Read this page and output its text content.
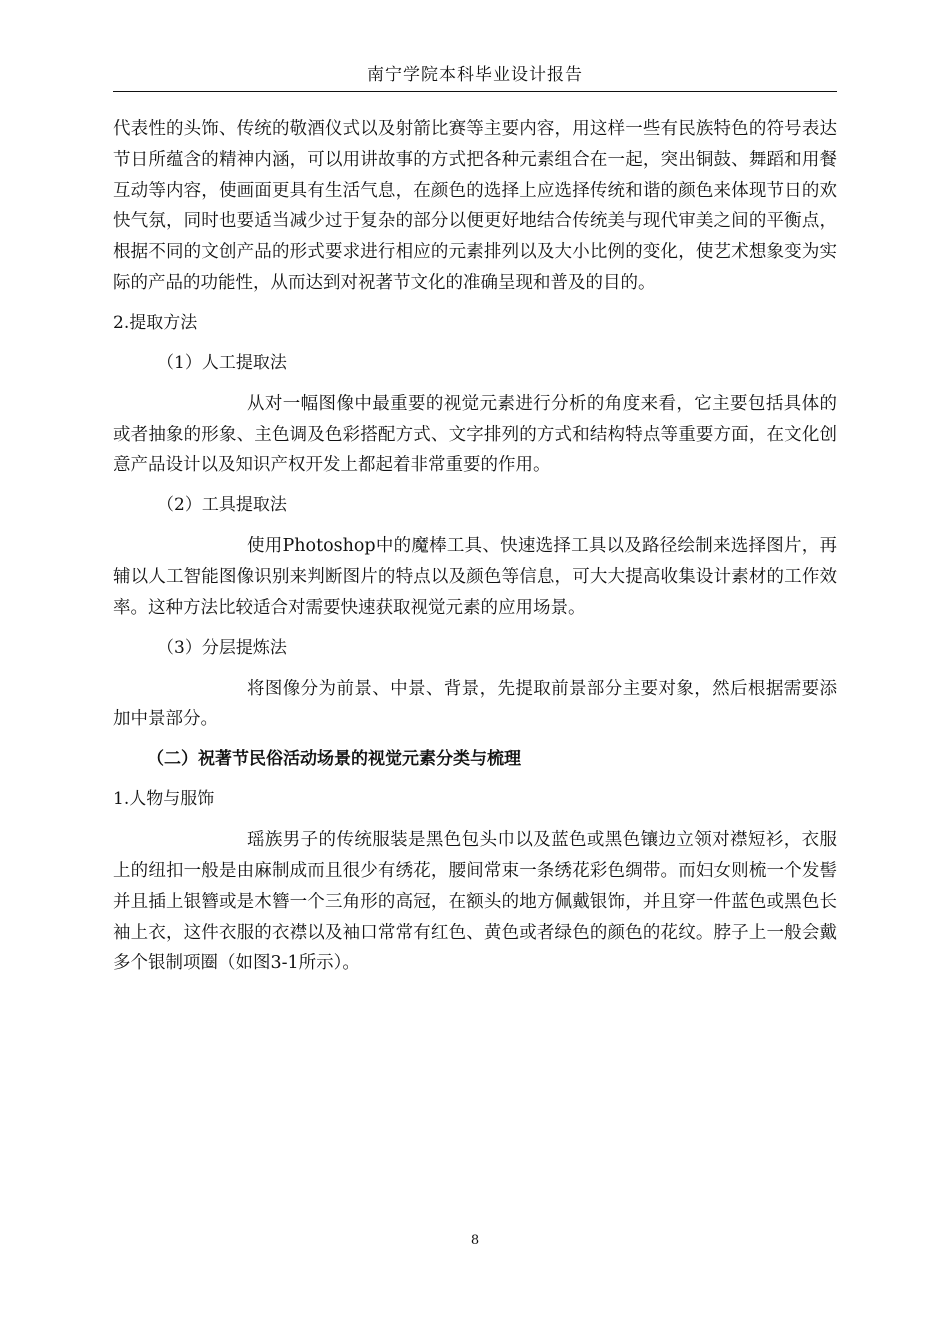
南宁学院本科毕业设计报告

代表性的头饰、传统的敬酒仪式以及射箭比赛等主要内容，用这样一些有民族特色的符号表达节日所蕴含的精神内涵，可以用讲故事的方式把各种元素组合在一起，突出铜鼓、舞蹈和用餐互动等内容，使画面更具有生活气息，在颜色的选择上应选择传统和谐的颜色来体现节日的欢快气氛，同时也要适当减少过于复杂的部分以便更好地结合传统美与现代审美之间的平衡点，根据不同的文创产品的形式要求进行相应的元素排列以及大小比例的变化，使艺术想象变为实际的产品的功能性，从而达到对祝著节文化的准确呈现和普及的目的。

2.提取方法

（1）人工提取法

从对一幅图像中最重要的视觉元素进行分析的角度来看，它主要包括具体的或者抽象的形象、主色调及色彩搭配方式、文字排列的方式和结构特点等重要方面，在文化创意产品设计以及知识产权开发上都起着非常重要的作用。

（2）工具提取法

使用Photoshop中的魔棒工具、快速选择工具以及路径绘制来选择图片，再辅以人工智能图像识别来判断图片的特点以及颜色等信息，可大大提高收集设计素材的工作效率。这种方法比较适合对需要快速获取视觉元素的应用场景。

（3）分层提炼法

将图像分为前景、中景、背景，先提取前景部分主要对象，然后根据需要添加中景部分。

（二）祝著节民俗活动场景的视觉元素分类与梳理

1.人物与服饰

瑶族男子的传统服装是黑色包头巾以及蓝色或黑色镶边立领对襟短衫，衣服上的纽扣一般是由麻制成而且很少有绣花，腰间常束一条绣花彩色绸带。而妇女则梳一个发髻并且插上银簪或是木簪一个三角形的高冠，在额头的地方佩戴银饰，并且穿一件蓝色或黑色长袖上衣，这件衣服的衣襟以及袖口常常有红色、黄色或者绿色的颜色的花纹。脖子上一般会戴多个银制项圈（如图3-1所示）。

8
